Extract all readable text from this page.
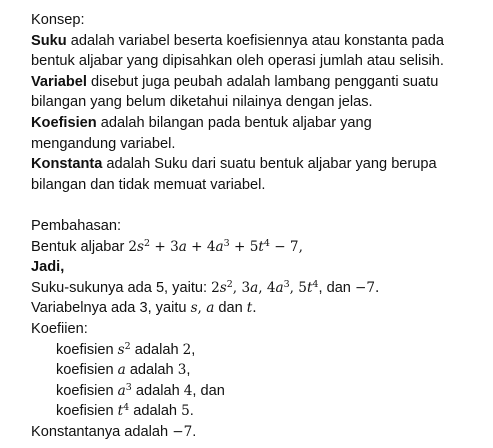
Konsep:
Suku adalah variabel beserta koefisiennya atau konstanta pada
bentuk aljabar yang dipisahkan oleh operasi jumlah atau selisih.
Variabel disebut juga peubah adalah lambang pengganti suatu
bilangan yang belum diketahui nilainya dengan jelas.
Koefisien adalah bilangan pada bentuk aljabar yang
mengandung variabel.
Konstanta adalah Suku dari suatu bentuk aljabar yang berupa
bilangan dan tidak memuat variabel.
Pembahasan:
Bentuk aljabar $2s^2 + 3a + 4a^3 + 5t^4 - 7$,
Jadi,
Suku-sukunya ada 5, yaitu: $2s^2$, 3a, $4a^3$, $5t^4$, dan −7.
Variabelnya ada 3, yaitu s, a dan t.
Koefiien:
koefisien $s^2$ adalah 2,
koefisien a adalah 3,
koefisien $a^3$ adalah 4, dan
koefisien $t^4$ adalah 5.
Konstantanya adalah −7.
